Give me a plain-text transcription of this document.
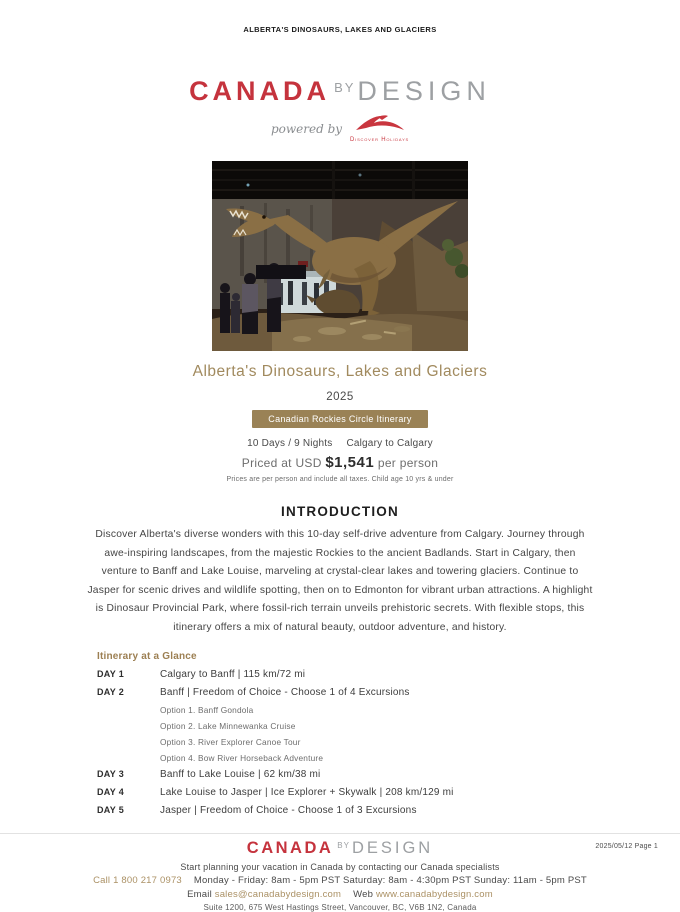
ALBERTA'S DINOSAURS, LAKES AND GLACIERS
CANADA $^{BY}$DESIGN
powered by
Discover Holidays
Alberta's Dinosaurs, Lakes and Glaciers
2025
Canadian Rockies Circle Itinerary
10 Days / 9 Nights Calgary to Calgary
Priced at USD $1,541 per person
Prices are per person and include all taxes. Child age 10 yrs & under
INTRODUCTION
Discover Alberta's diverse wonders with this 10-day self-drive adventure from Calgary. Journey through awe-inspiring landscapes, from the majestic Rockies to the ancient Badlands. Start in Calgary, then venture to Banff and Lake Louise, marveling at crystal-clear lakes and towering glaciers. Continue to Jasper for scenic drives and wildlife spotting, then on to Edmonton for vibrant urban attractions. A highlight is Dinosaur Provincial Park, where fossil-rich terrain unveils prehistoric secrets. With flexible stops, this itinerary offers a mix of natural beauty, outdoor adventure, and history.
Itinerary at a Glance
DAY 1	Calgary to Banff | 115 km/72 mi
DAY 2	Banff | Freedom of Choice - Choose 1 of 4 Excursions
Option 1. Banff Gondola
Option 2. Lake Minnewanka Cruise
Option 3. River Explorer Canoe Tour
Option 4. Bow River Horseback Adventure
DAY 3	Banff to Lake Louise | 62 km/38 mi
DAY 4	Lake Louise to Jasper | Ice Explorer + Skywalk | 208 km/129 mi
DAY 5	Jasper | Freedom of Choice - Choose 1 of 3 Excursions
CANADA $^{BY}$ DESIGN
Start planning your vacation in Canada by contacting our Canada specialists
Call 1 800 217 0973 Monday - Friday: 8am - 5pm PST Saturday: 8am - 4:30pm PST Sunday: 11am - 5pm PST
Email sales@canadabydesign.com Web www.canadabydesign.com
Suite 1200, 675 West Hastings Street, Vancouver, BC, V6B 1N2, Canada
2025/05/12 Page 1
